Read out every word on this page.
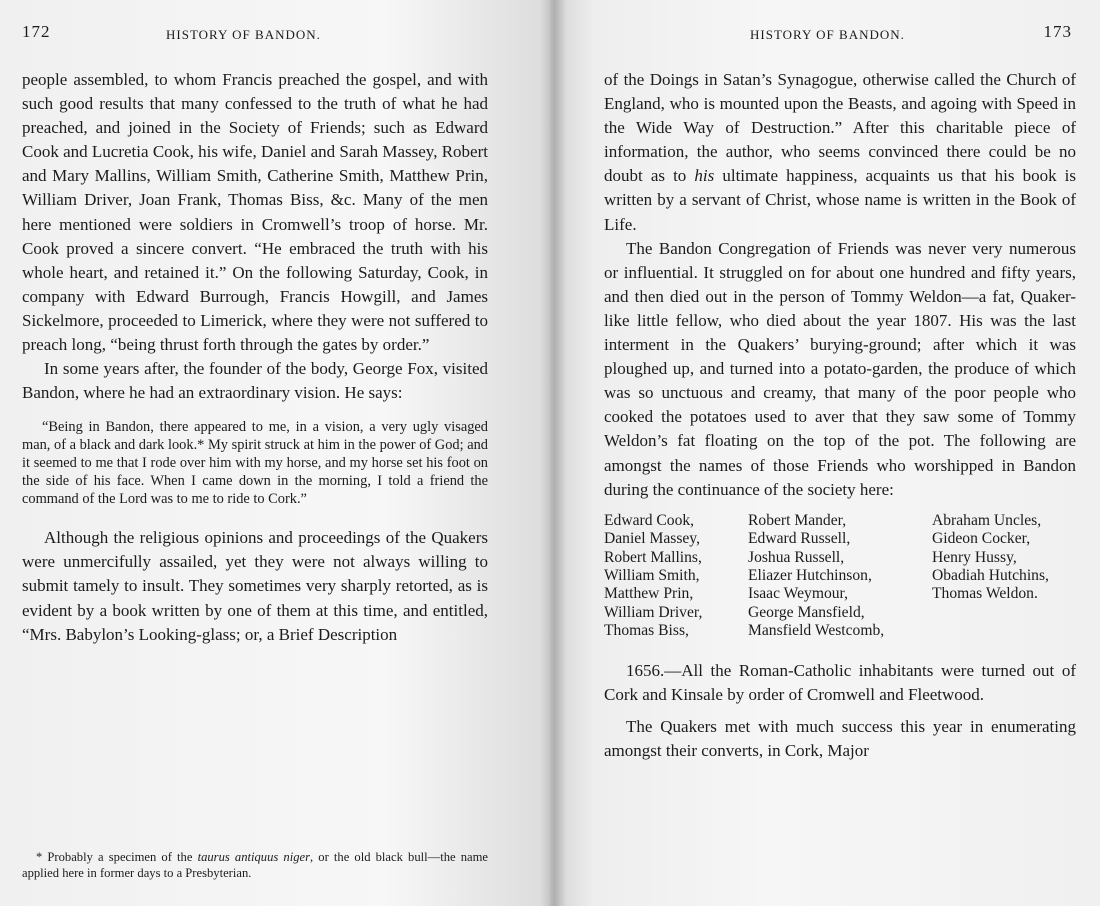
172	HISTORY OF BANDON.

people assembled, to whom Francis preached the gospel, and with such good results that many confessed to the truth of what he had preached, and joined in the Society of Friends; such as Edward Cook and Lucretia Cook, his wife, Daniel and Sarah Massey, Robert and Mary Mallins, William Smith, Catherine Smith, Matthew Prin, William Driver, Joan Frank, Thomas Biss, &c. Many of the men here mentioned were soldiers in Cromwell’s troop of horse. Mr. Cook proved a sincere convert. “He embraced the truth with his whole heart, and retained it.” On the following Saturday, Cook, in company with Edward Burrough, Francis Howgill, and James Sickelmore, proceeded to Limerick, where they were not suffered to preach long, “being thrust forth through the gates by order.”

In some years after, the founder of the body, George Fox, visited Bandon, where he had an extraordinary vision. He says:

“Being in Bandon, there appeared to me, in a vision, a very ugly visaged man, of a black and dark look.* My spirit struck at him in the power of God; and it seemed to me that I rode over him with my horse, and my horse set his foot on the side of his face. When I came down in the morning, I told a friend the command of the Lord was to me to ride to Cork.”

Although the religious opinions and proceedings of the Quakers were unmercifully assailed, yet they were not always willing to submit tamely to insult. They sometimes very sharply retorted, as is evident by a book written by one of them at this time, and entitled, “Mrs. Babylon’s Looking-glass; or, a Brief Description

* Probably a specimen of the taurus antiquus niger, or the old black bull—the name applied here in former days to a Presbyterian.

HISTORY OF BANDON.	173

of the Doings in Satan’s Synagogue, otherwise called the Church of England, who is mounted upon the Beasts, and agoing with Speed in the Wide Way of Destruction.” After this charitable piece of information, the author, who seems convinced there could be no doubt as to his ultimate happiness, acquaints us that his book is written by a servant of Christ, whose name is written in the Book of Life.

The Bandon Congregation of Friends was never very numerous or influential. It struggled on for about one hundred and fifty years, and then died out in the person of Tommy Weldon—a fat, Quaker-like little fellow, who died about the year 1807. His was the last interment in the Quakers’ burying-ground; after which it was ploughed up, and turned into a potato-garden, the produce of which was so unctuous and creamy, that many of the poor people who cooked the potatoes used to aver that they saw some of Tommy Weldon’s fat floating on the top of the pot. The following are amongst the names of those Friends who worshipped in Bandon during the continuance of the society here:

Edward Cook,	Robert Mander,	Abraham Uncles,
Daniel Massey,	Edward Russell,	Gideon Cocker,
Robert Mallins,	Joshua Russell,	Henry Hussy,
William Smith,	Eliazer Hutchinson,	Obadiah Hutchins,
Matthew Prin,	Isaac Weymour,	Thomas Weldon.
William Driver,	George Mansfield,
Thomas Biss,	Mansfield Westcomb,

1656.—All the Roman-Catholic inhabitants were turned out of Cork and Kinsale by order of Cromwell and Fleetwood.

The Quakers met with much success this year in enumerating amongst their converts, in Cork, Major
